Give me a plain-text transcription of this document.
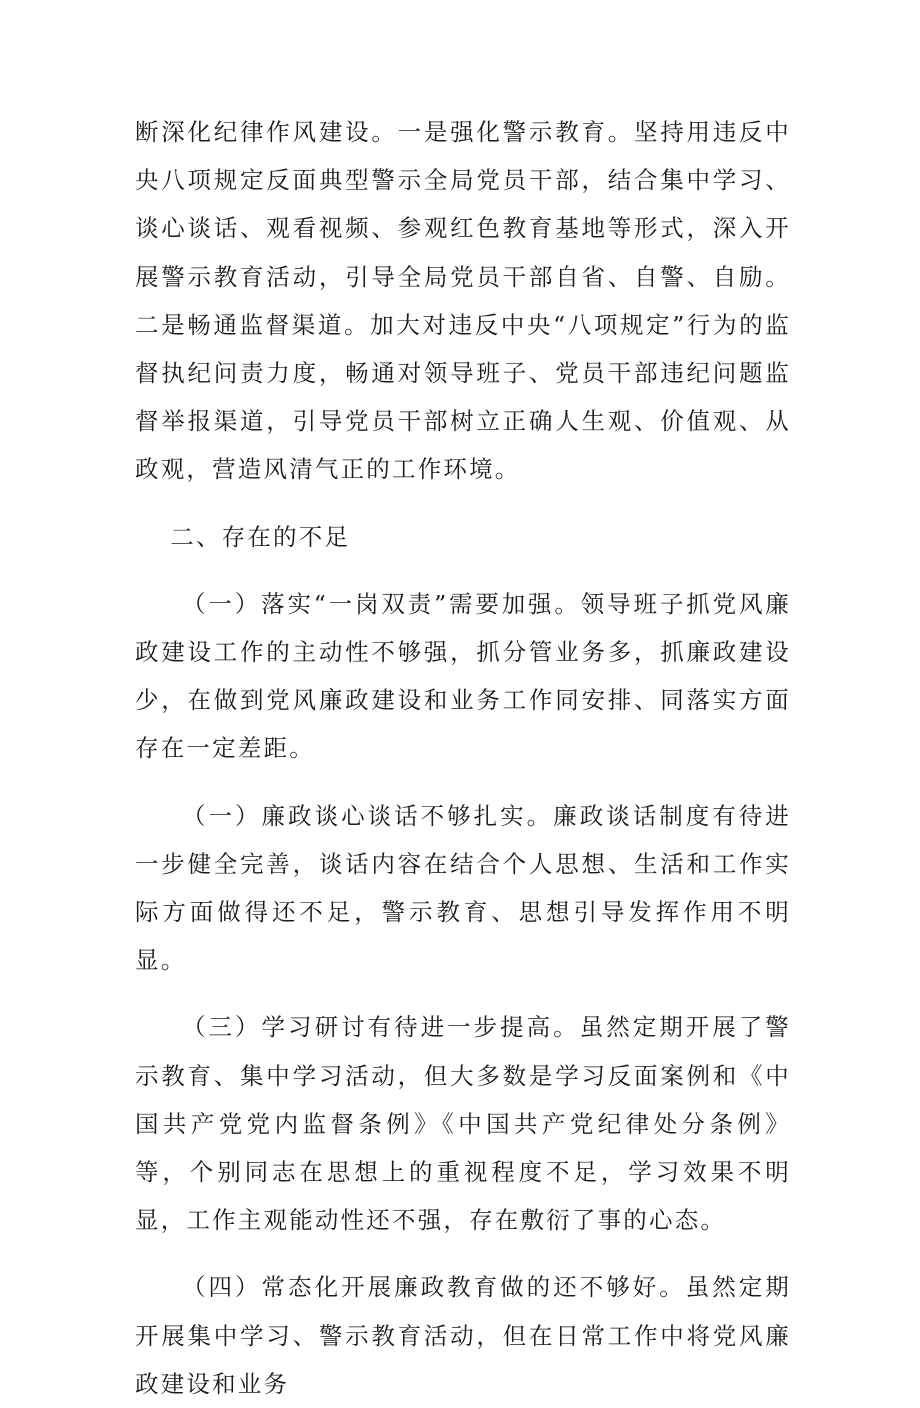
断深化纪律作风建设。一是强化警示教育。坚持用违反中央八项规定反面典型警示全局党员干部，结合集中学习、谈心谈话、观看视频、参观红色教育基地等形式，深入开展警示教育活动，引导全局党员干部自省、自警、自励。二是畅通监督渠道。加大对违反中央“八项规定”行为的监督执纪问责力度，畅通对领导班子、党员干部违纪问题监督举报渠道，引导党员干部树立正确人生观、价值观、从政观，营造风清气正的工作环境。

二、存在的不足

（一）落实“一岗双责”需要加强。领导班子抓党风廉政建设工作的主动性不够强，抓分管业务多，抓廉政建设少，在做到党风廉政建设和业务工作同安排、同落实方面存在一定差距。

（一）廉政谈心谈话不够扎实。廉政谈话制度有待进一步健全完善，谈话内容在结合个人思想、生活和工作实际方面做得还不足，警示教育、思想引导发挥作用不明显。

（三）学习研讨有待进一步提高。虽然定期开展了警示教育、集中学习活动，但大多数是学习反面案例和《中国共产党党内监督条例》《中国共产党纪律处分条例》等，个别同志在思想上的重视程度不足，学习效果不明显，工作主观能动性还不强，存在敷衍了事的心态。

（四）常态化开展廉政教育做的还不够好。虽然定期开展集中学习、警示教育活动，但在日常工作中将党风廉政建设和业务
